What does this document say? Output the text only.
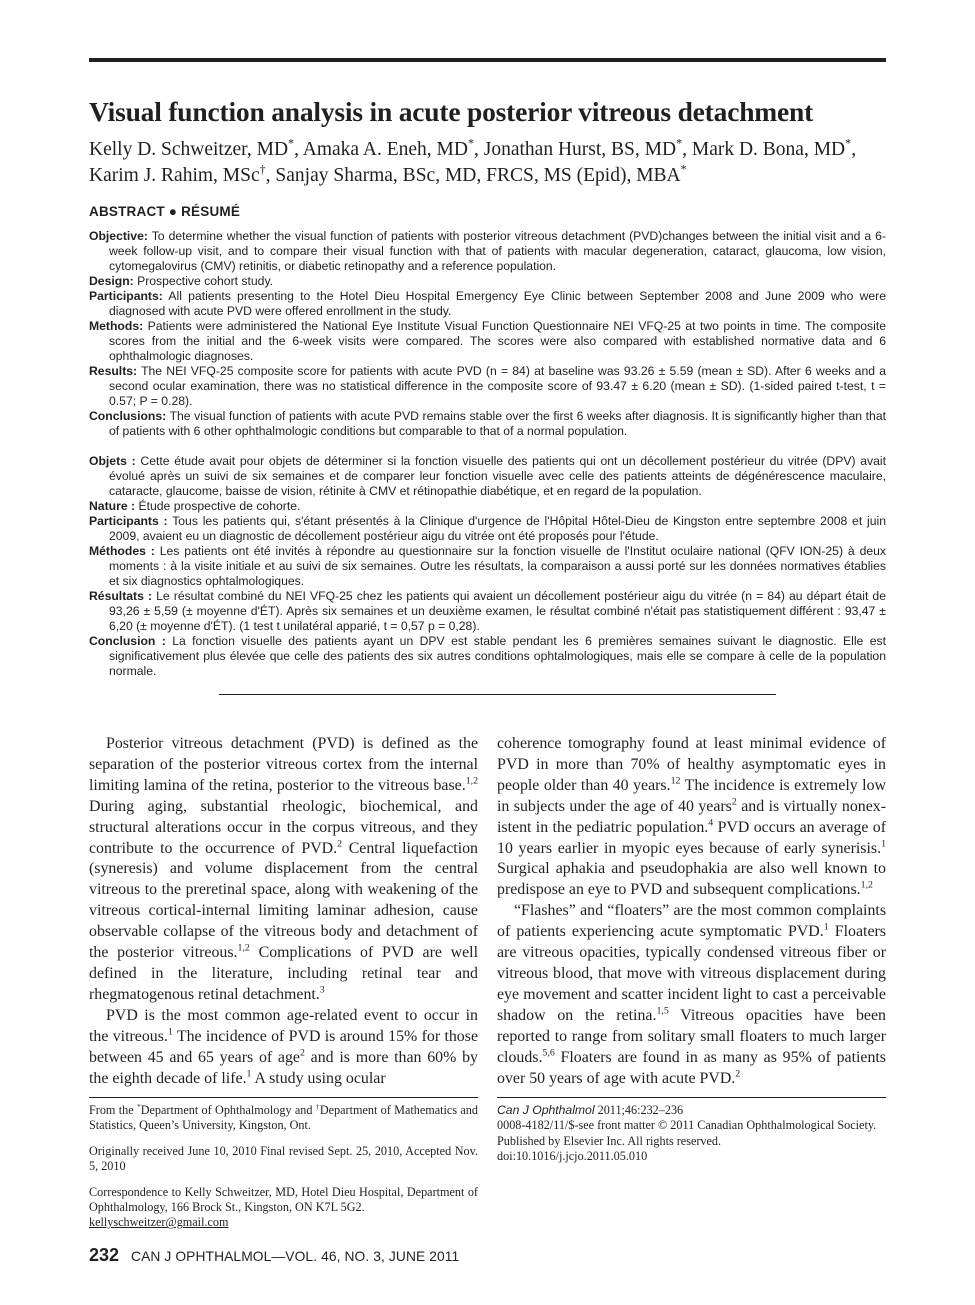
Visual function analysis in acute posterior vitreous detachment
Kelly D. Schweitzer, MD*, Amaka A. Eneh, MD*, Jonathan Hurst, BS, MD*, Mark D. Bona, MD*,
Karim J. Rahim, MSc†, Sanjay Sharma, BSc, MD, FRCS, MS (Epid), MBA*
ABSTRACT ● RÉSUMÉ

Objective: To determine whether the visual function of patients with posterior vitreous detachment (PVD)changes between the initial visit and a 6-week follow-up visit, and to compare their visual function with that of patients with macular degeneration, cataract, glaucoma, low vision, cytomegalovirus (CMV) retinitis, or diabetic retinopathy and a reference population.

Design: Prospective cohort study.

Participants: All patients presenting to the Hotel Dieu Hospital Emergency Eye Clinic between September 2008 and June 2009 who were diagnosed with acute PVD were offered enrollment in the study.

Methods: Patients were administered the National Eye Institute Visual Function Questionnaire NEI VFQ-25 at two points in time. The composite scores from the initial and the 6-week visits were compared. The scores were also compared with established normative data and 6 ophthalmologic diagnoses.

Results: The NEI VFQ-25 composite score for patients with acute PVD (n = 84) at baseline was 93.26 ± 5.59 (mean ± SD). After 6 weeks and a second ocular examination, there was no statistical difference in the composite score of 93.47 ± 6.20 (mean ± SD). (1-sided paired t-test, t = 0.57; P = 0.28).

Conclusions: The visual function of patients with acute PVD remains stable over the first 6 weeks after diagnosis. It is significantly higher than that of patients with 6 other ophthalmologic conditions but comparable to that of a normal population.

Objets : Cette étude avait pour objets de déterminer si la fonction visuelle des patients qui ont un décollement postérieur du vitrée (DPV) avait évolué après un suivi de six semaines et de comparer leur fonction visuelle avec celle des patients atteints de dégénérescence maculaire, cataracte, glaucome, baisse de vision, rétinite à CMV et rétinopathie diabétique, et en regard de la population.

Nature : Étude prospective de cohorte.

Participants : Tous les patients qui, s'étant présentés à la Clinique d'urgence de l'Hôpital Hôtel-Dieu de Kingston entre septembre 2008 et juin 2009, avaient eu un diagnostic de décollement postérieur aigu du vitrée ont été proposés pour l'étude.

Méthodes : Les patients ont été invités à répondre au questionnaire sur la fonction visuelle de l'Institut oculaire national (QFV ION-25) à deux moments : à la visite initiale et au suivi de six semaines. Outre les résultats, la comparaison a aussi porté sur les données normatives établies et six diagnostics ophtalmologiques.

Résultats : Le résultat combiné du NEI VFQ-25 chez les patients qui avaient un décollement postérieur aigu du vitrée (n = 84) au départ était de 93,26 ± 5,59 (± moyenne d'ÉT). Après six semaines et un deuxième examen, le résultat combiné n'était pas statistiquement différent : 93,47 ± 6,20 (± moyenne d'ÉT). (1 test t unilatéral apparié, t = 0,57 p = 0,28).

Conclusion : La fonction visuelle des patients ayant un DPV est stable pendant les 6 premières semaines suivant le diagnostic. Elle est significativement plus élevée que celle des patients des six autres conditions ophtalmologiques, mais elle se compare à celle de la population normale.

Posterior vitreous detachment (PVD) is defined as the separation of the posterior vitreous cortex from the internal limiting lamina of the retina, posterior to the vitreous base.$^{1,2}$ During aging, substantial rheologic, biochemical, and structural alterations occur in the corpus vitreous, and they contribute to the occurrence of PVD.$^2$ Central liquefaction (syneresis) and volume displacement from the central vitreous to the preretinal space, along with weakening of the vitreous cortical-internal limiting laminar adhesion, cause observable collapse of the vitreous body and detachment of the posterior vitreous.$^{1,2}$ Complications of PVD are well defined in the literature, including retinal tear and rhegmatogenous retinal detachment.$^3$

PVD is the most common age-related event to occur in the vitreous.$^1$ The incidence of PVD is around 15% for those between 45 and 65 years of age$^2$ and is more than 60% by the eighth decade of life.$^1$ A study using ocular

coherence tomography found at least minimal evidence of PVD in more than 70% of healthy asymptomatic eyes in people older than 40 years.$^{12}$ The incidence is extremely low in subjects under the age of 40 years$^2$ and is virtually nonexistent in the pediatric population.$^4$ PVD occurs an average of 10 years earlier in myopic eyes because of early synerisis.$^1$ Surgical aphakia and pseudophakia are also well known to predispose an eye to PVD and subsequent complications.$^{1,2}$

“Flashes” and “floaters” are the most common complaints of patients experiencing acute symptomatic PVD.$^1$ Floaters are vitreous opacities, typically condensed vitreous fiber or vitreous blood, that move with vitreous displacement during eye movement and scatter incident light to cast a perceivable shadow on the retina.$^{1,5}$ Vitreous opacities have been reported to range from solitary small floaters to much larger clouds.$^{5,6}$ Floaters are found in as many as 95% of patients over 50 years of age with acute PVD.$^2$

From the *Department of Ophthalmology and †Department of Mathematics and Statistics, Queen’s University, Kingston, Ont.

Originally received June 10, 2010 Final revised Sept. 25, 2010, Accepted Nov. 5, 2010

Correspondence to Kelly Schweitzer, MD, Hotel Dieu Hospital, Department of Ophthalmology, 166 Brock St., Kingston, ON K7L 5G2.
kellyschweitzer@gmail.com

Can J Ophthalmol 2011;46:232–236

0008-4182/11/$-see front matter © 2011 Canadian Ophthalmological Society. Published by Elsevier Inc. All rights reserved.

doi:10.1016/j.jcjo.2011.05.010

232 CAN J OPHTHALMOL—VOL. 46, NO. 3, JUNE 2011
